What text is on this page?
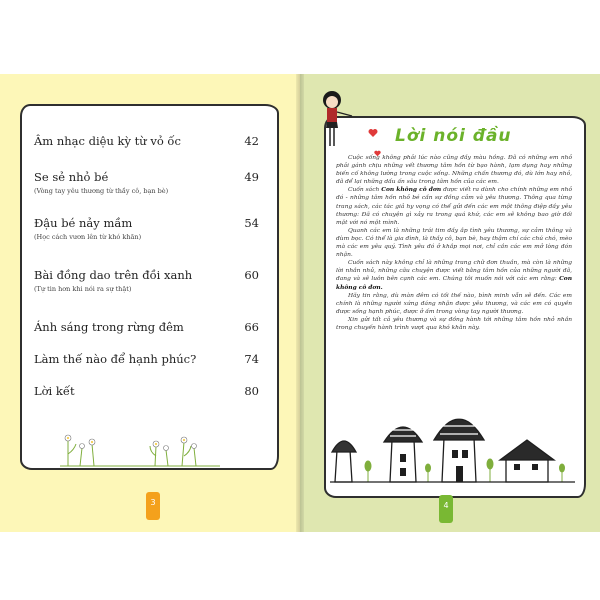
Âm nhạc diệu kỳ từ vỏ ốc	42
Se sẻ nhỏ bé	49
(Vòng tay yêu thương từ thầy cô, bạn bè)
Đậu bé nảy mầm	54
(Học cách vươn lên từ khó khăn)
Bài đồng dao trên đồi xanh	60
(Tự tin hơn khi nói ra sự thật)
Ánh sáng trong rừng đêm	66
Làm thế nào để hạnh phúc?	74
Lời kết	80
3
Lời nói đầu

Cuộc sống không phải lúc nào cũng đầy màu hồng. Đã có những em nhỏ phải gánh chịu những vết thương tâm hồn từ bạo hành, lạm dụng hay những biến cố không lường trong cuộc sống. Những chấn thương đó, dù lớn hay nhỏ, đã để lại những dấu ấn sâu trong tâm hồn của các em.

Cuốn sách Con không cô đơn được viết ra dành cho chính những em nhỏ đó - những tâm hồn nhỏ bé cần sự đồng cảm và yêu thương. Thông qua từng trang sách, các tác giả hy vọng có thể gửi đến các em một thông điệp đầy yêu thương: Đã có chuyện gì xảy ra trong quá khứ, các em sẽ không bao giờ đối mặt với nó một mình.

Quanh các em là những trái tim đầy ắp tình yêu thương, sự cảm thông và đùm bọc. Có thể là gia đình, là thầy cô, bạn bè, hay thậm chí các chú chó, mèo mà các em yêu quý. Tình yêu đó ở khắp mọi nơi, chỉ cần các em mở lòng đón nhận.

Cuốn sách này không chỉ là những trang chữ đơn thuần, mà còn là những lời nhắn nhủ, những câu chuyện được viết bằng tâm hồn của những người đã, đang và sẽ luôn bên cạnh các em. Chúng tôi muốn nói với các em rằng: Con không cô đơn.

Hãy tin rằng, dù màn đêm có tối thế nào, bình minh vẫn sẽ đến. Các em chính là những người xứng đáng nhận được yêu thương, và các em có quyền được sống hạnh phúc, được ở ấm trong vòng tay người thương.

Xin gửi tất cả yêu thương và sự đồng hành tới những tâm hồn nhỏ nhắn trong chuyến hành trình vượt qua khó khăn này.

4
